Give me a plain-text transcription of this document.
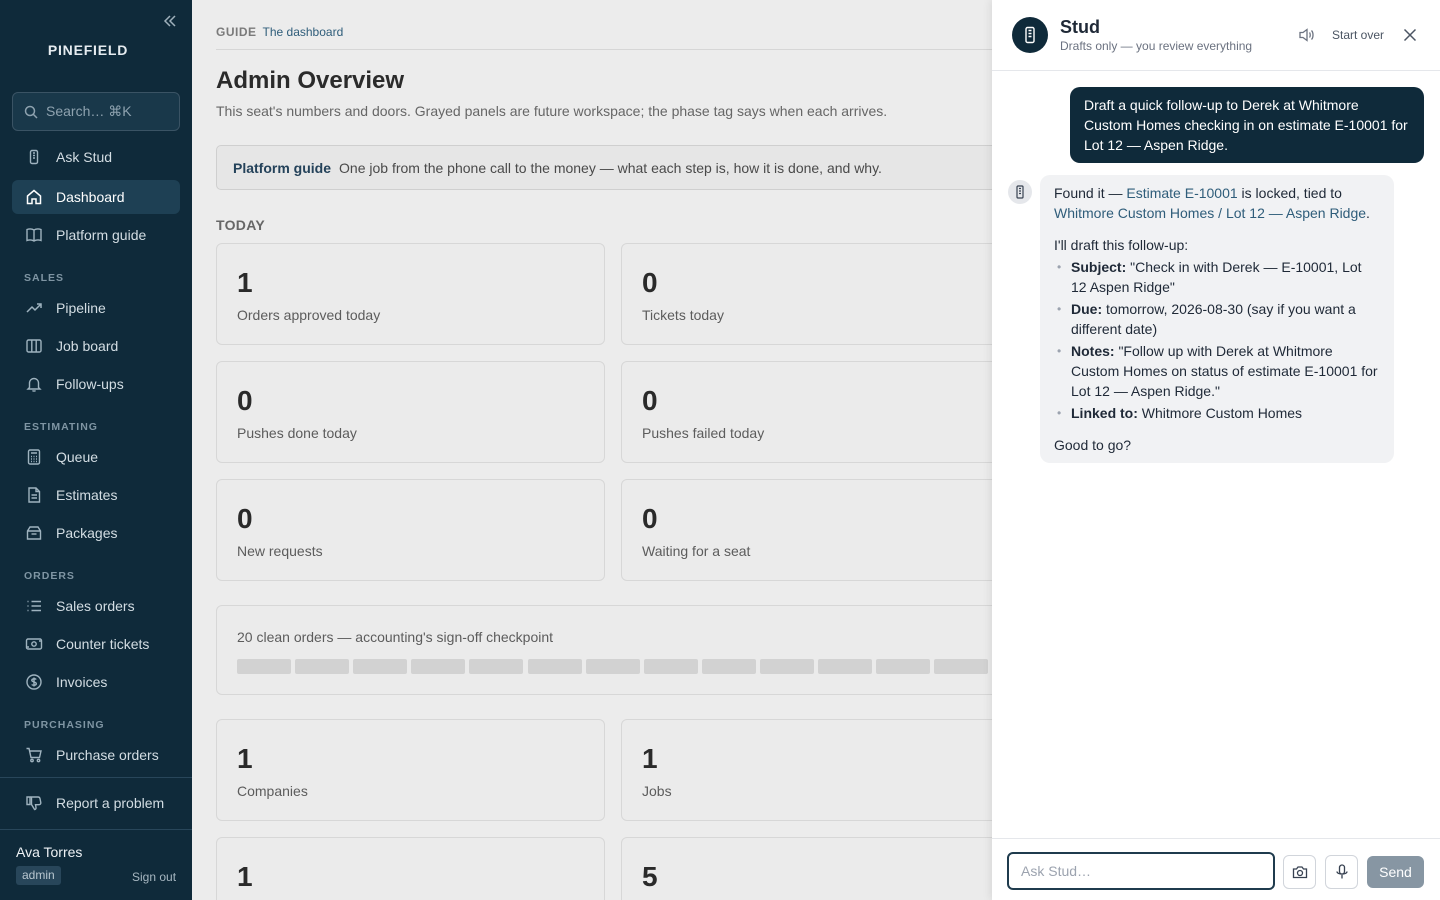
PINEFIELD
Search… ⌘K
Ask Stud
Dashboard
Platform guide
SALES
Pipeline
Job board
Follow-ups
ESTIMATING
Queue
Estimates
Packages
ORDERS
Sales orders
Counter tickets
Invoices
PURCHASING
Purchase orders
Report a problem
Ava Torres
admin	Sign out
GUIDE The dashboard
Admin Overview
This seat's numbers and doors. Grayed panels are future workspace; the phase tag says when each arrives.
Platform guide One job from the phone call to the money — what each step is, how it is done, and why.
TODAY
1
Orders approved today
0
Tickets today
0
Pushes done today
0
Pushes failed today
0
New requests
0
Waiting for a seat
20 clean orders — accounting's sign-off checkpoint
1
Companies
1
Jobs
1	5
Stud
Drafts only — you review everything
Start over
Draft a quick follow-up to Derek at Whitmore Custom Homes checking in on estimate E-10001 for Lot 12 — Aspen Ridge.

Found it — Estimate E-10001 is locked, tied to Whitmore Custom Homes / Lot 12 — Aspen Ridge.

I'll draft this follow-up:

• Subject: "Check in with Derek — E-10001, Lot 12 Aspen Ridge"
• Due: tomorrow, 2026-08-30 (say if you want a different date)
• Notes: "Follow up with Derek at Whitmore Custom Homes on status of estimate E-10001 for Lot 12 — Aspen Ridge."
• Linked to: Whitmore Custom Homes

Good to go?

Ask Stud…
Send
